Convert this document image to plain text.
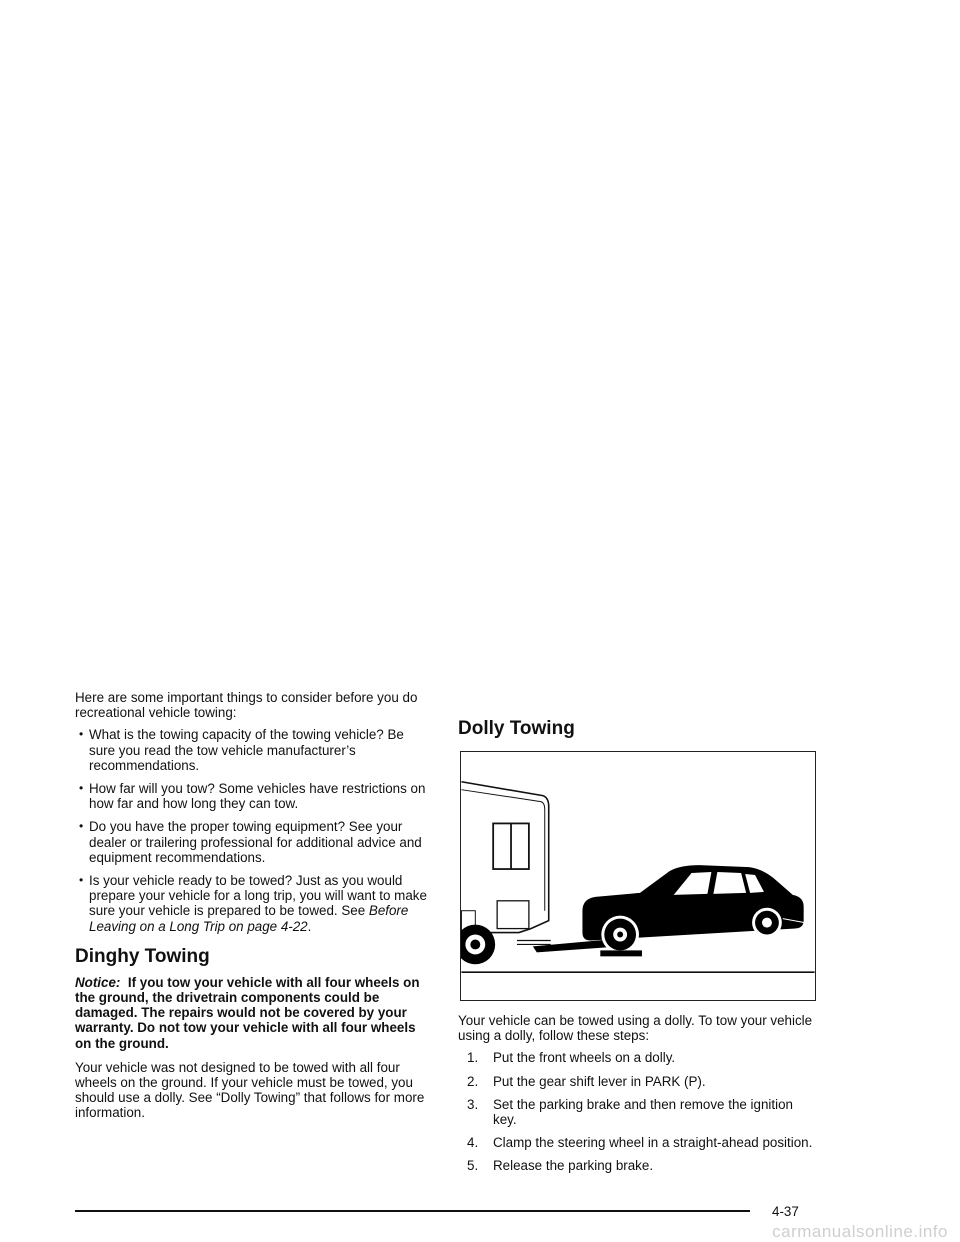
Here are some important things to consider before you do recreational vehicle towing:

• What is the towing capacity of the towing vehicle? Be sure you read the tow vehicle manufacturer’s recommendations.
• How far will you tow? Some vehicles have restrictions on how far and how long they can tow.
• Do you have the proper towing equipment? See your dealer or trailering professional for additional advice and equipment recommendations.
• Is your vehicle ready to be towed? Just as you would prepare your vehicle for a long trip, you will want to make sure your vehicle is prepared to be towed. See Before Leaving on a Long Trip on page 4-22.
Dinghy Towing

Notice: If you tow your vehicle with all four wheels on the ground, the drivetrain components could be damaged. The repairs would not be covered by your warranty. Do not tow your vehicle with all four wheels on the ground.

Your vehicle was not designed to be towed with all four wheels on the ground. If your vehicle must be towed, you should use a dolly. See “Dolly Towing” that follows for more information.

Dolly Towing

Your vehicle can be towed using a dolly. To tow your vehicle using a dolly, follow these steps:

1. Put the front wheels on a dolly.
2. Put the gear shift lever in PARK (P).
3. Set the parking brake and then remove the ignition key.
4. Clamp the steering wheel in a straight-ahead position.
5. Release the parking brake.
4-37
carmanualsonline.info
